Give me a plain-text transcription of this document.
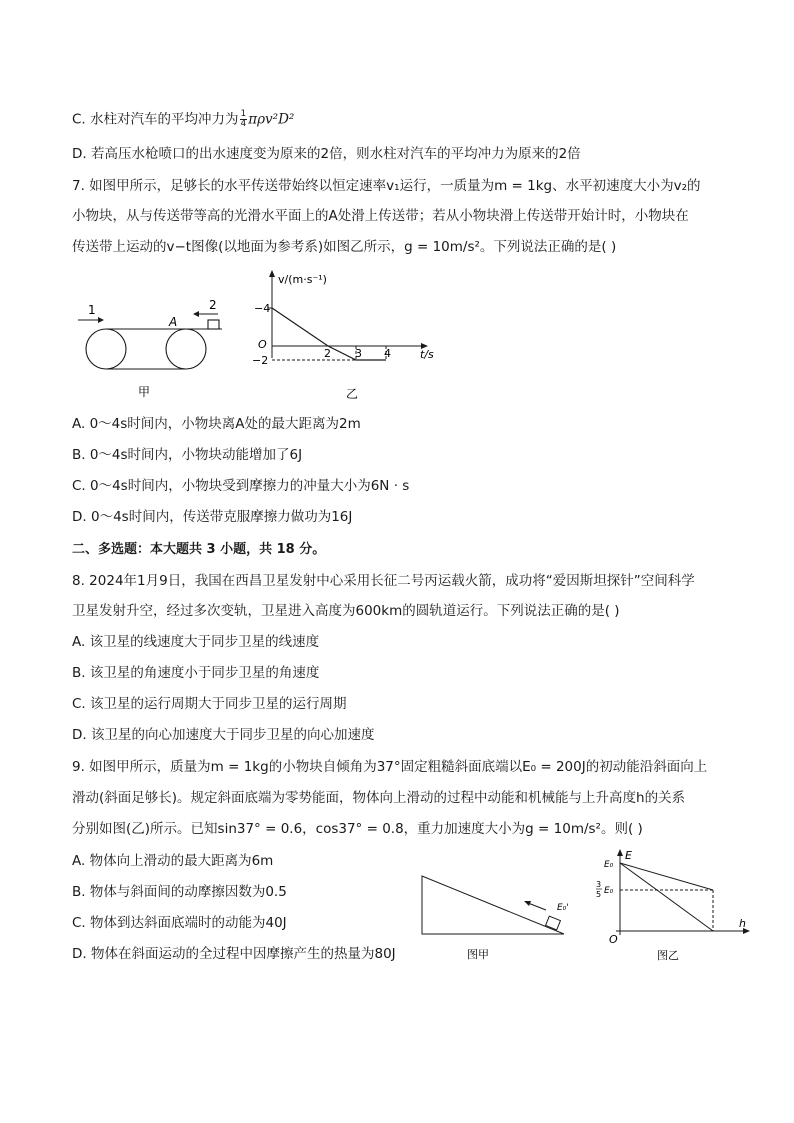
C. 水柱对汽车的平均冲力为 $\frac{1}{4} \pi\rho v^2D^2$
D. 若高压水枪喷口的出水速度变为原来的2倍，则水柱对汽车的平均冲力为原来的2倍
7. 如图甲所示，足够长的水平传送带始终以恒定速率v₁运行，一质量为m = 1kg、水平初速度大小为v₂的
小物块，从与传送带等高的光滑水平面上的A处滑上传送带；若从小物块滑上传送带开始计时，小物块在
传送带上运动的v−t图像(以地面为参考系)如图乙所示，g = 10m/s²。下列说法正确的是( )
1	2
A
甲
v/(m·s⁻¹)
t/s
O
−4
−2
2 3 4
乙
A. 0～4s时间内，小物块离A处的最大距离为2m
B. 0～4s时间内，小物块动能增加了6J
C. 0～4s时间内，小物块受到摩擦力的冲量大小为6N · s
D. 0～4s时间内，传送带克服摩擦力做功为16J
二、多选题：本大题共 3 小题，共 18 分。
8. 2024年1月9日，我国在西昌卫星发射中心采用长征二号丙运载火箭，成功将“爱因斯坦探针”空间科学
卫星发射升空，经过多次变轨，卫星进入高度为600km的圆轨道运行。下列说法正确的是( )
A. 该卫星的线速度大于同步卫星的线速度
B. 该卫星的角速度小于同步卫星的角速度
C. 该卫星的运行周期大于同步卫星的运行周期
D. 该卫星的向心加速度大于同步卫星的向心加速度
9. 如图甲所示，质量为m = 1kg的小物块自倾角为37°固定粗糙斜面底端以E₀ = 200J的初动能沿斜面向上
滑动(斜面足够长)。规定斜面底端为零势能面，物体向上滑动的过程中动能和机械能与上升高度h的关系
分别如图(乙)所示。已知sin37° = 0.6，cos37° = 0.8，重力加速度大小为g = 10m/s²。则( )
A. 物体向上滑动的最大距离为6m
B. 物体与斜面间的动摩擦因数为0.5
C. 物体到达斜面底端时的动能为40J
D. 物体在斜面运动的全过程中因摩擦产生的热量为80J
E₀'
图甲
E
h
O
E₀
3
5 E₀
图乙
